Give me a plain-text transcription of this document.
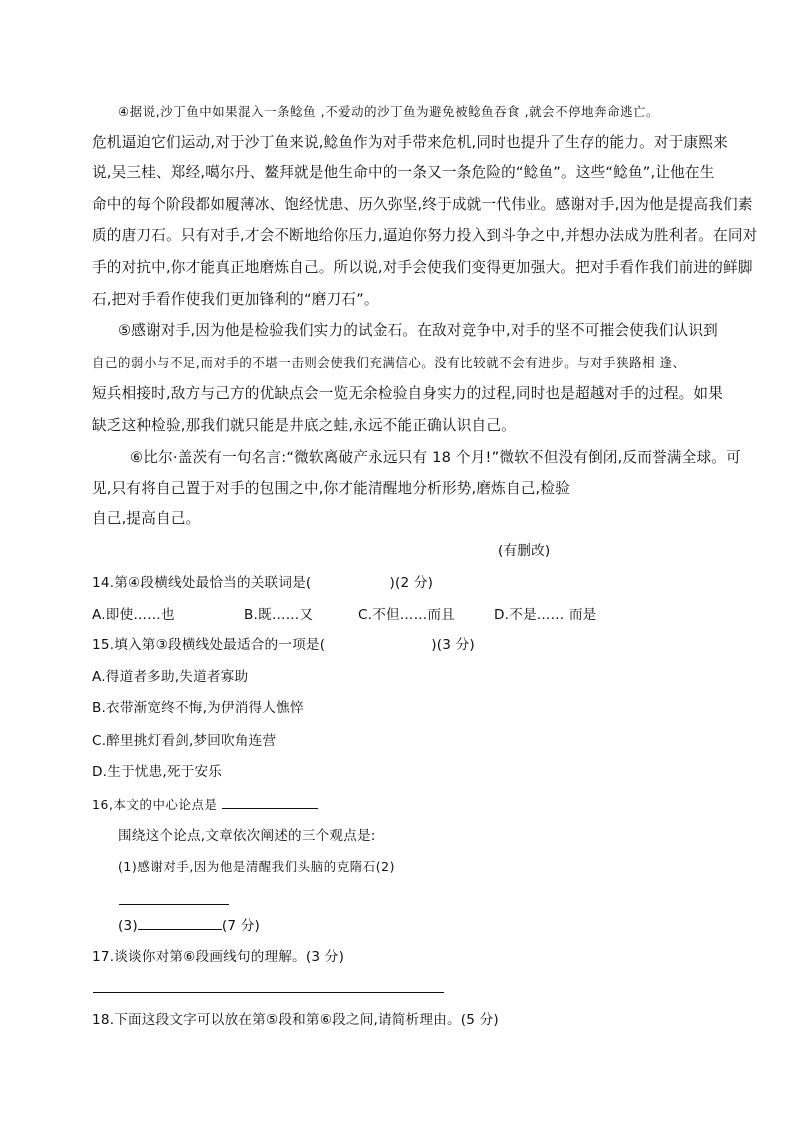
④据说,沙丁鱼中如果混入一条鲶鱼 ,不爱动的沙丁鱼为避免被鲶鱼吞食 ,就会不停地奔命逃亡。
危机逼迫它们运动,对于沙丁鱼来说,鲶鱼作为对手带来危机,同时也提升了生存的能力。对于康熙来
说,吴三桂、郑经,噶尔丹、鳌拜就是他生命中的一条又一条危险的“鲶鱼”。这些“鲶鱼”,让他在生
命中的每个阶段都如履薄冰、饱经忧患、历久弥坚,终于成就一代伟业。感谢对手,因为他是提高我们素
质的唐刀石。只有对手,才会不断地给你压力,逼迫你努力投入到斗争之中,并想办法成为胜利者。在同对
手的对抗中,你才能真正地磨炼自己。所以说,对手会使我们变得更加强大。把对手看作我们前进的鲜脚
石,把对手看作使我们更加锋利的“磨刀石”。
⑤感谢对手,因为他是检验我们实力的试金石。在敌对竞争中,对手的坚不可摧会使我们认识到
自己的弱小与不足,而对手的不堪一击则会使我们充满信心。没有比较就不会有进步。与对手狭路相 逢、
短兵相接时,敌方与己方的优缺点会一览无余检验自身实力的过程,同时也是超越对手的过程。如果
缺乏这种检验,那我们就只能是井底之蛙,永远不能正确认识自己。
⑥比尔·盖茨有一句名言:“微软离破产永远只有 18 个月!”微软不但没有倒闭,反而誉满全球。可
见,只有将自己置于对手的包围之中,你才能清醒地分析形势,磨炼自己,检验
自己,提高自己。
(有删改)
14.第④段横线处最恰当的关联词是(	)(2 分)
A.即使……也	B.既……又	C.不但……而且	D.不是…… 而是
15.填入第③段横线处最适合的一项是(	)(3 分)
A.得道者多助,失道者寡助
B.衣带渐宽终不悔,为伊消得人憔悴
C.醉里挑灯看剑,梦回吹角连营
D.生于忧患,死于安乐
16,本文的中心论点是
围绕这个论点,文章依次阐述的三个观点是:
(1)感谢对手,因为他是清醒我们头脑的克隋石(2)
(3)	(7 分)
17.谈谈你对第⑥段画线句的理解。(3 分)
18.下面这段文字可以放在第⑤段和第⑥段之间,请简析理由。(5 分)
